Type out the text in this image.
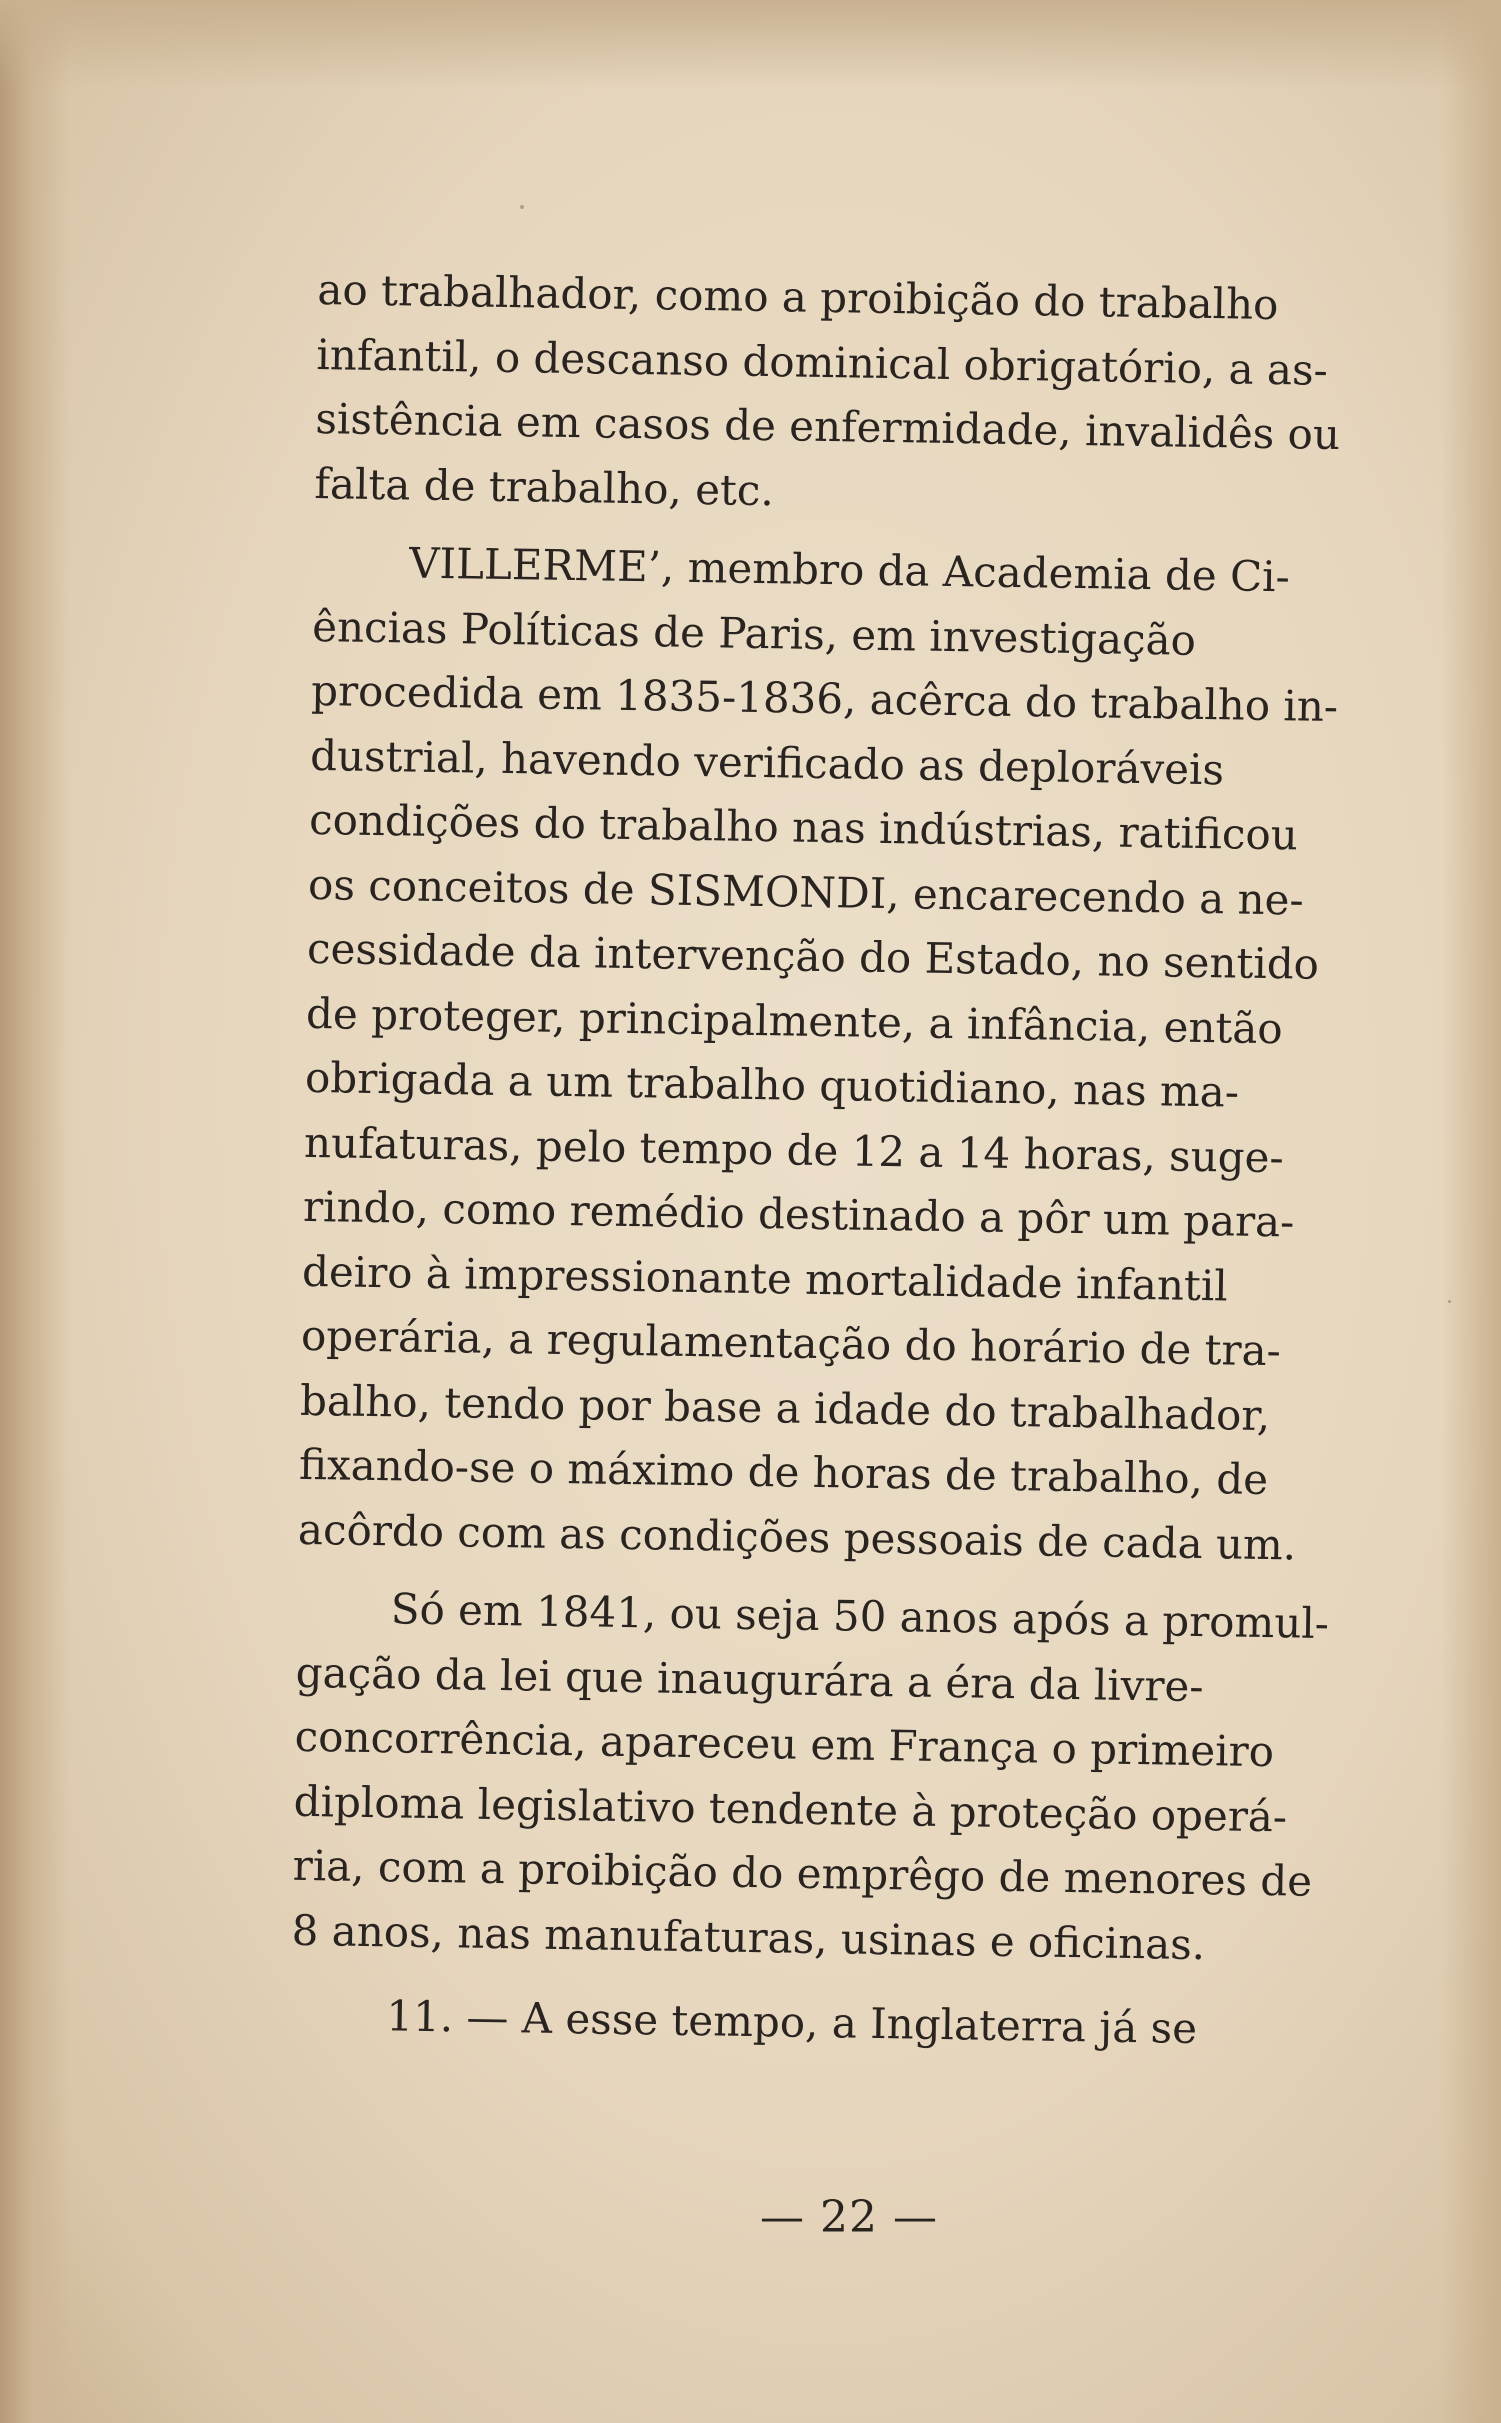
ao trabalhador, como a proibição do trabalho
infantil, o descanso dominical obrigatório, a as-
sistência em casos de enfermidade, invalidês ou
falta de trabalho, etc.
VILLERME’, membro da Academia de Ci-
ências Políticas de Paris, em investigação
procedida em 1835-1836, acêrca do trabalho in-
dustrial, havendo verificado as deploráveis
condições do trabalho nas indústrias, ratificou
os conceitos de SISMONDI, encarecendo a ne-
cessidade da intervenção do Estado, no sentido
de proteger, principalmente, a infância, então
obrigada a um trabalho quotidiano, nas ma-
nufaturas, pelo tempo de 12 a 14 horas, suge-
rindo, como remédio destinado a pôr um para-
deiro à impressionante mortalidade infantil
operária, a regulamentação do horário de tra-
balho, tendo por base a idade do trabalhador,
fixando-se o máximo de horas de trabalho, de
acôrdo com as condições pessoais de cada um.
Só em 1841, ou seja 50 anos após a promul-
gação da lei que inaugurára a éra da livre-
concorrência, apareceu em França o primeiro
diploma legislativo tendente à proteção operá-
ria, com a proibição do emprêgo de menores de
8 anos, nas manufaturas, usinas e oficinas.
11. — A esse tempo, a Inglaterra já se
— 22 —
